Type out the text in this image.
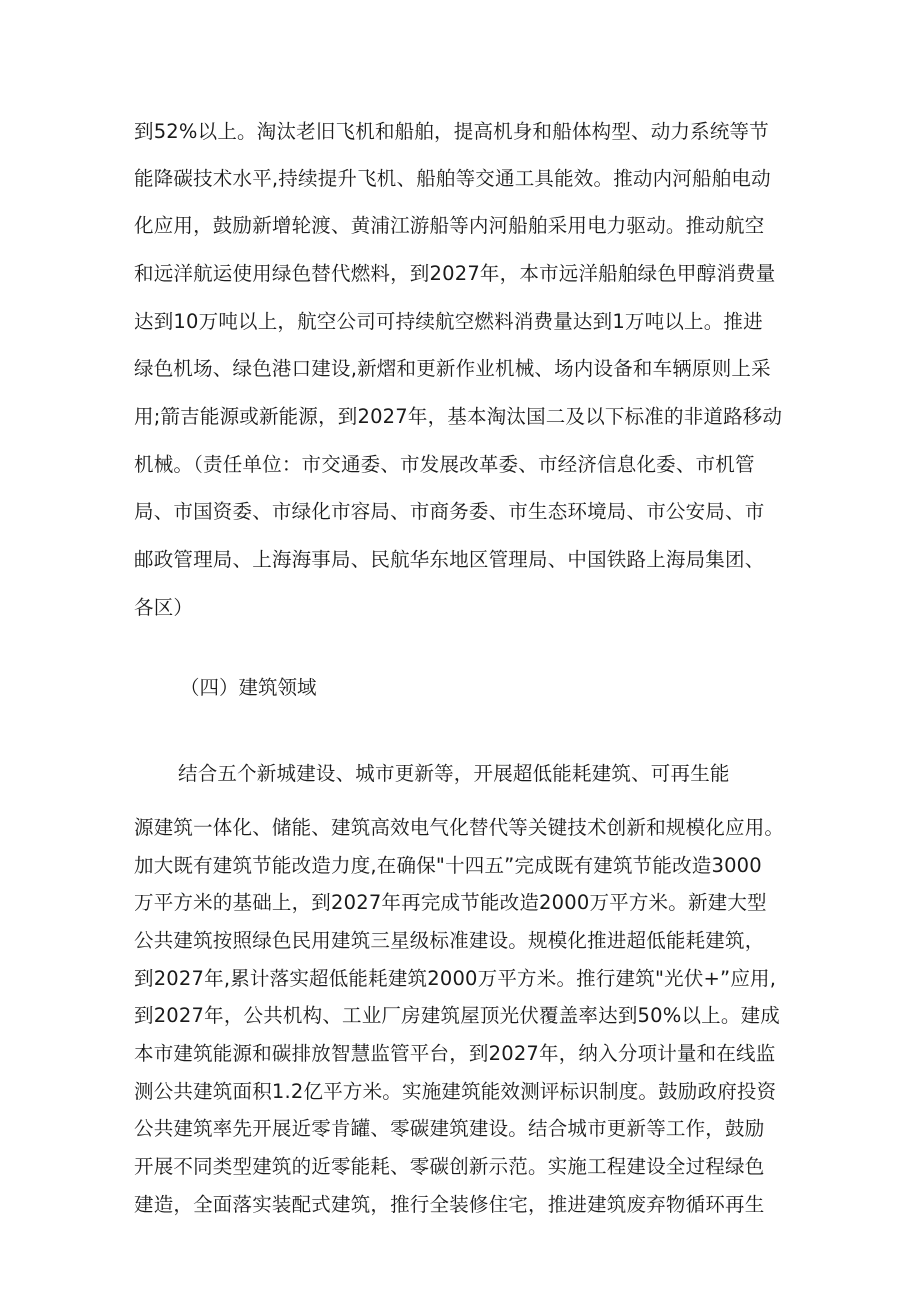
到52%以上。淘汰老旧飞机和船舶，提高机身和船体构型、动力系统等节
能降碳技术水平,持续提升飞机、船舶等交通工具能效。推动内河船舶电动
化应用，鼓励新增轮渡、黄浦江游船等内河船舶采用电力驱动。推动航空
和远洋航运使用绿色替代燃料，到2027年，本市远洋船舶绿色甲醇消费量
达到10万吨以上，航空公司可持续航空燃料消费量达到1万吨以上。推进
绿色机场、绿色港口建设,新熠和更新作业机械、场内设备和车辆原则上采
用;箭吉能源或新能源，到2027年，基本淘汰国二及以下标准的非道路移动
机械。（责任单位：市交通委、市发展改革委、市经济信息化委、市机管
局、市国资委、市绿化市容局、市商务委、市生态环境局、市公安局、市
邮政管理局、上海海事局、民航华东地区管理局、中国铁路上海局集团、
各区）
（四）建筑领域
结合五个新城建设、城市更新等，开展超低能耗建筑、可再生能
源建筑一体化、储能、建筑高效电气化替代等关键技术创新和规模化应用。
加大既有建筑节能改造力度,在确保"十四五”完成既有建筑节能改造3000
万平方米的基础上，到2027年再完成节能改造2000万平方米。新建大型
公共建筑按照绿色民用建筑三星级标准建设。规模化推进超低能耗建筑，
到2027年,累计落实超低能耗建筑2000万平方米。推行建筑"光伏+”应用,
到2027年，公共机构、工业厂房建筑屋顶光伏覆盖率达到50%以上。建成
本市建筑能源和碳排放智慧监管平台，到2027年，纳入分项计量和在线监
测公共建筑面积1.2亿平方米。实施建筑能效测评标识制度。鼓励政府投资
公共建筑率先开展近零肯罐、零碳建筑建设。结合城市更新等工作，鼓励
开展不同类型建筑的近零能耗、零碳创新示范。实施工程建设全过程绿色
建造，全面落实装配式建筑，推行全装修住宅，推进建筑废弃物循环再生
